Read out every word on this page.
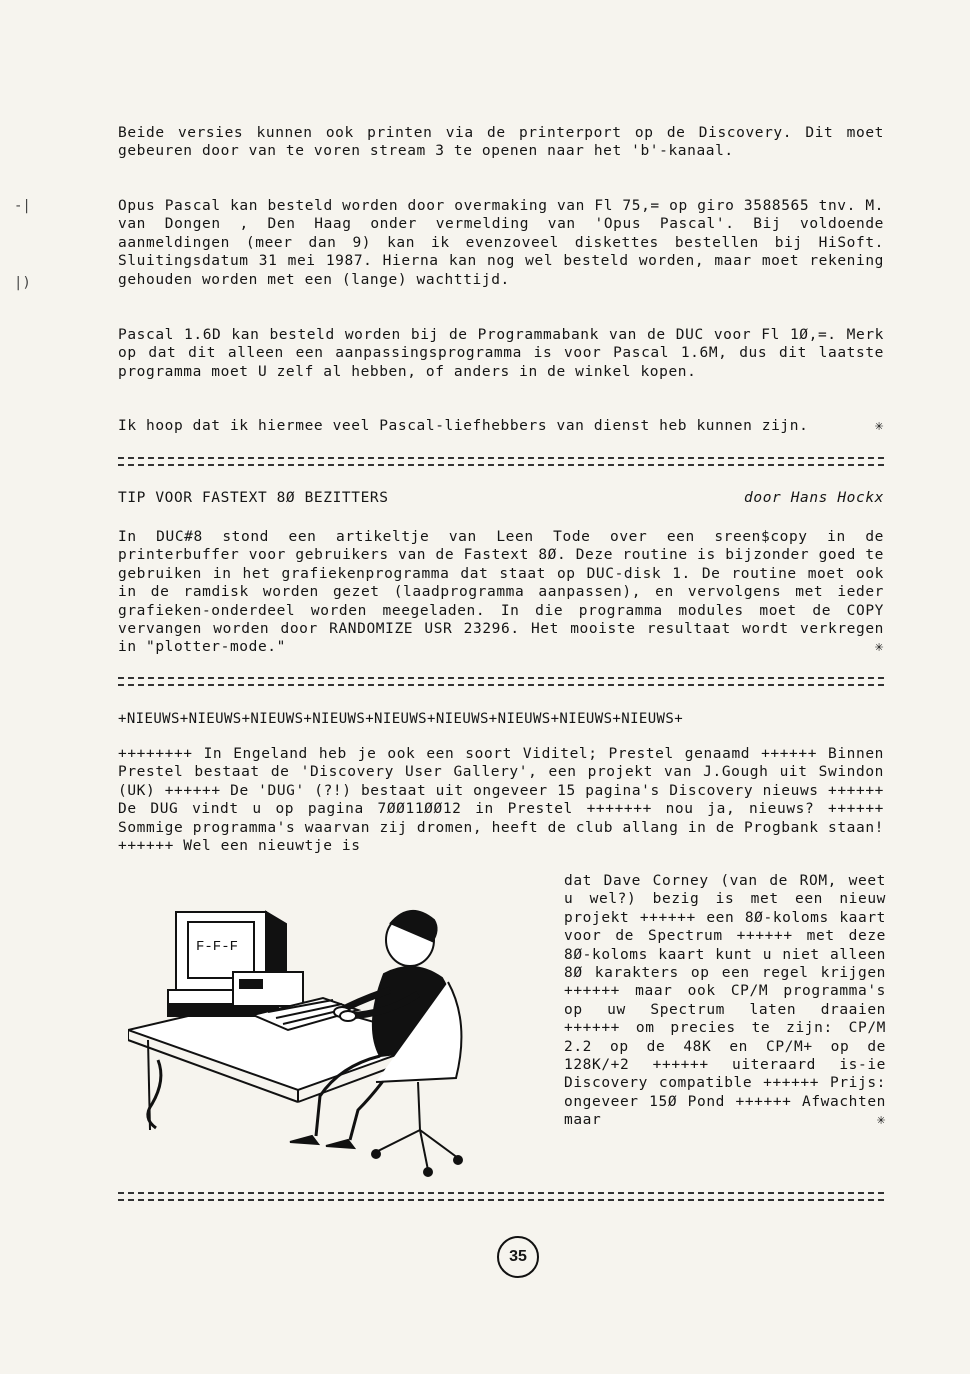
-|
|)

Beide versies kunnen ook printen via de printerport op de Discovery. Dit moet gebeuren door van te voren stream 3 te openen naar het 'b'-kanaal.

Opus Pascal kan besteld worden door overmaking van Fl 75,= op giro 3588565 tnv. M. van Dongen , Den Haag onder vermelding van 'Opus Pascal'. Bij voldoende aanmeldingen (meer dan 9) kan ik evenzoveel diskettes bestellen bij HiSoft. Sluitingsdatum 31 mei 1987. Hierna kan nog wel besteld worden, maar moet rekening gehouden worden met een (lange) wachttijd.

Pascal 1.6D kan besteld worden bij de Programmabank van de DUC voor Fl 1Ø,=. Merk op dat dit alleen een aanpassingsprogramma is voor Pascal 1.6M, dus dit laatste programma moet U zelf al hebben, of anders in de winkel kopen.

Ik hoop dat ik hiermee veel Pascal-liefhebbers van dienst heb kunnen zijn.	✳

TIP VOOR FASTEXT 8Ø BEZITTERS	door Hans Hockx

In DUC#8 stond een artikeltje van Leen Tode over een sreen$copy in de printerbuffer voor gebruikers van de Fastext 8Ø. Deze routine is bijzonder goed te gebruiken in het grafiekenprogramma dat staat op DUC-disk 1. De routine moet ook in de ramdisk worden gezet (laadprogramma aanpassen), en vervolgens met ieder grafieken-onderdeel worden meegeladen. In die programma modules moet de COPY vervangen worden door RANDOMIZE USR 23296. Het mooiste resultaat wordt verkregen in "plotter-mode."	✳

+NIEUWS+NIEUWS+NIEUWS+NIEUWS+NIEUWS+NIEUWS+NIEUWS+NIEUWS+NIEUWS+

++++++++ In Engeland heb je ook een soort Viditel; Prestel genaamd ++++++ Binnen Prestel bestaat de 'Discovery User Gallery', een projekt van J.Gough uit Swindon (UK) ++++++ De 'DUG' (?!) bestaat uit ongeveer 15 pagina's Discovery nieuws ++++++ De DUG vindt u op pagina 7ØØ11ØØ12 in Prestel +++++++ nou ja, nieuws? ++++++ Sommige programma's waarvan zij dromen, heeft de club allang in de Progbank staan! ++++++ Wel een nieuwtje is

dat Dave Corney (van de ROM, weet u wel?) bezig is met een nieuw projekt ++++++ een 8Ø-koloms kaart voor de Spectrum ++++++ met deze 8Ø-koloms kaart kunt u niet alleen 8Ø karakters op een regel krijgen ++++++ maar ook CP/M programma's op uw Spectrum laten draaien ++++++ om precies te zijn: CP/M 2.2 op de 48K en CP/M+ op de 128K/+2 ++++++ uiteraard is-ie Discovery compatible ++++++ Prijs: ongeveer 15Ø Pond ++++++ Afwachten maar	✳

F-F-F
35
